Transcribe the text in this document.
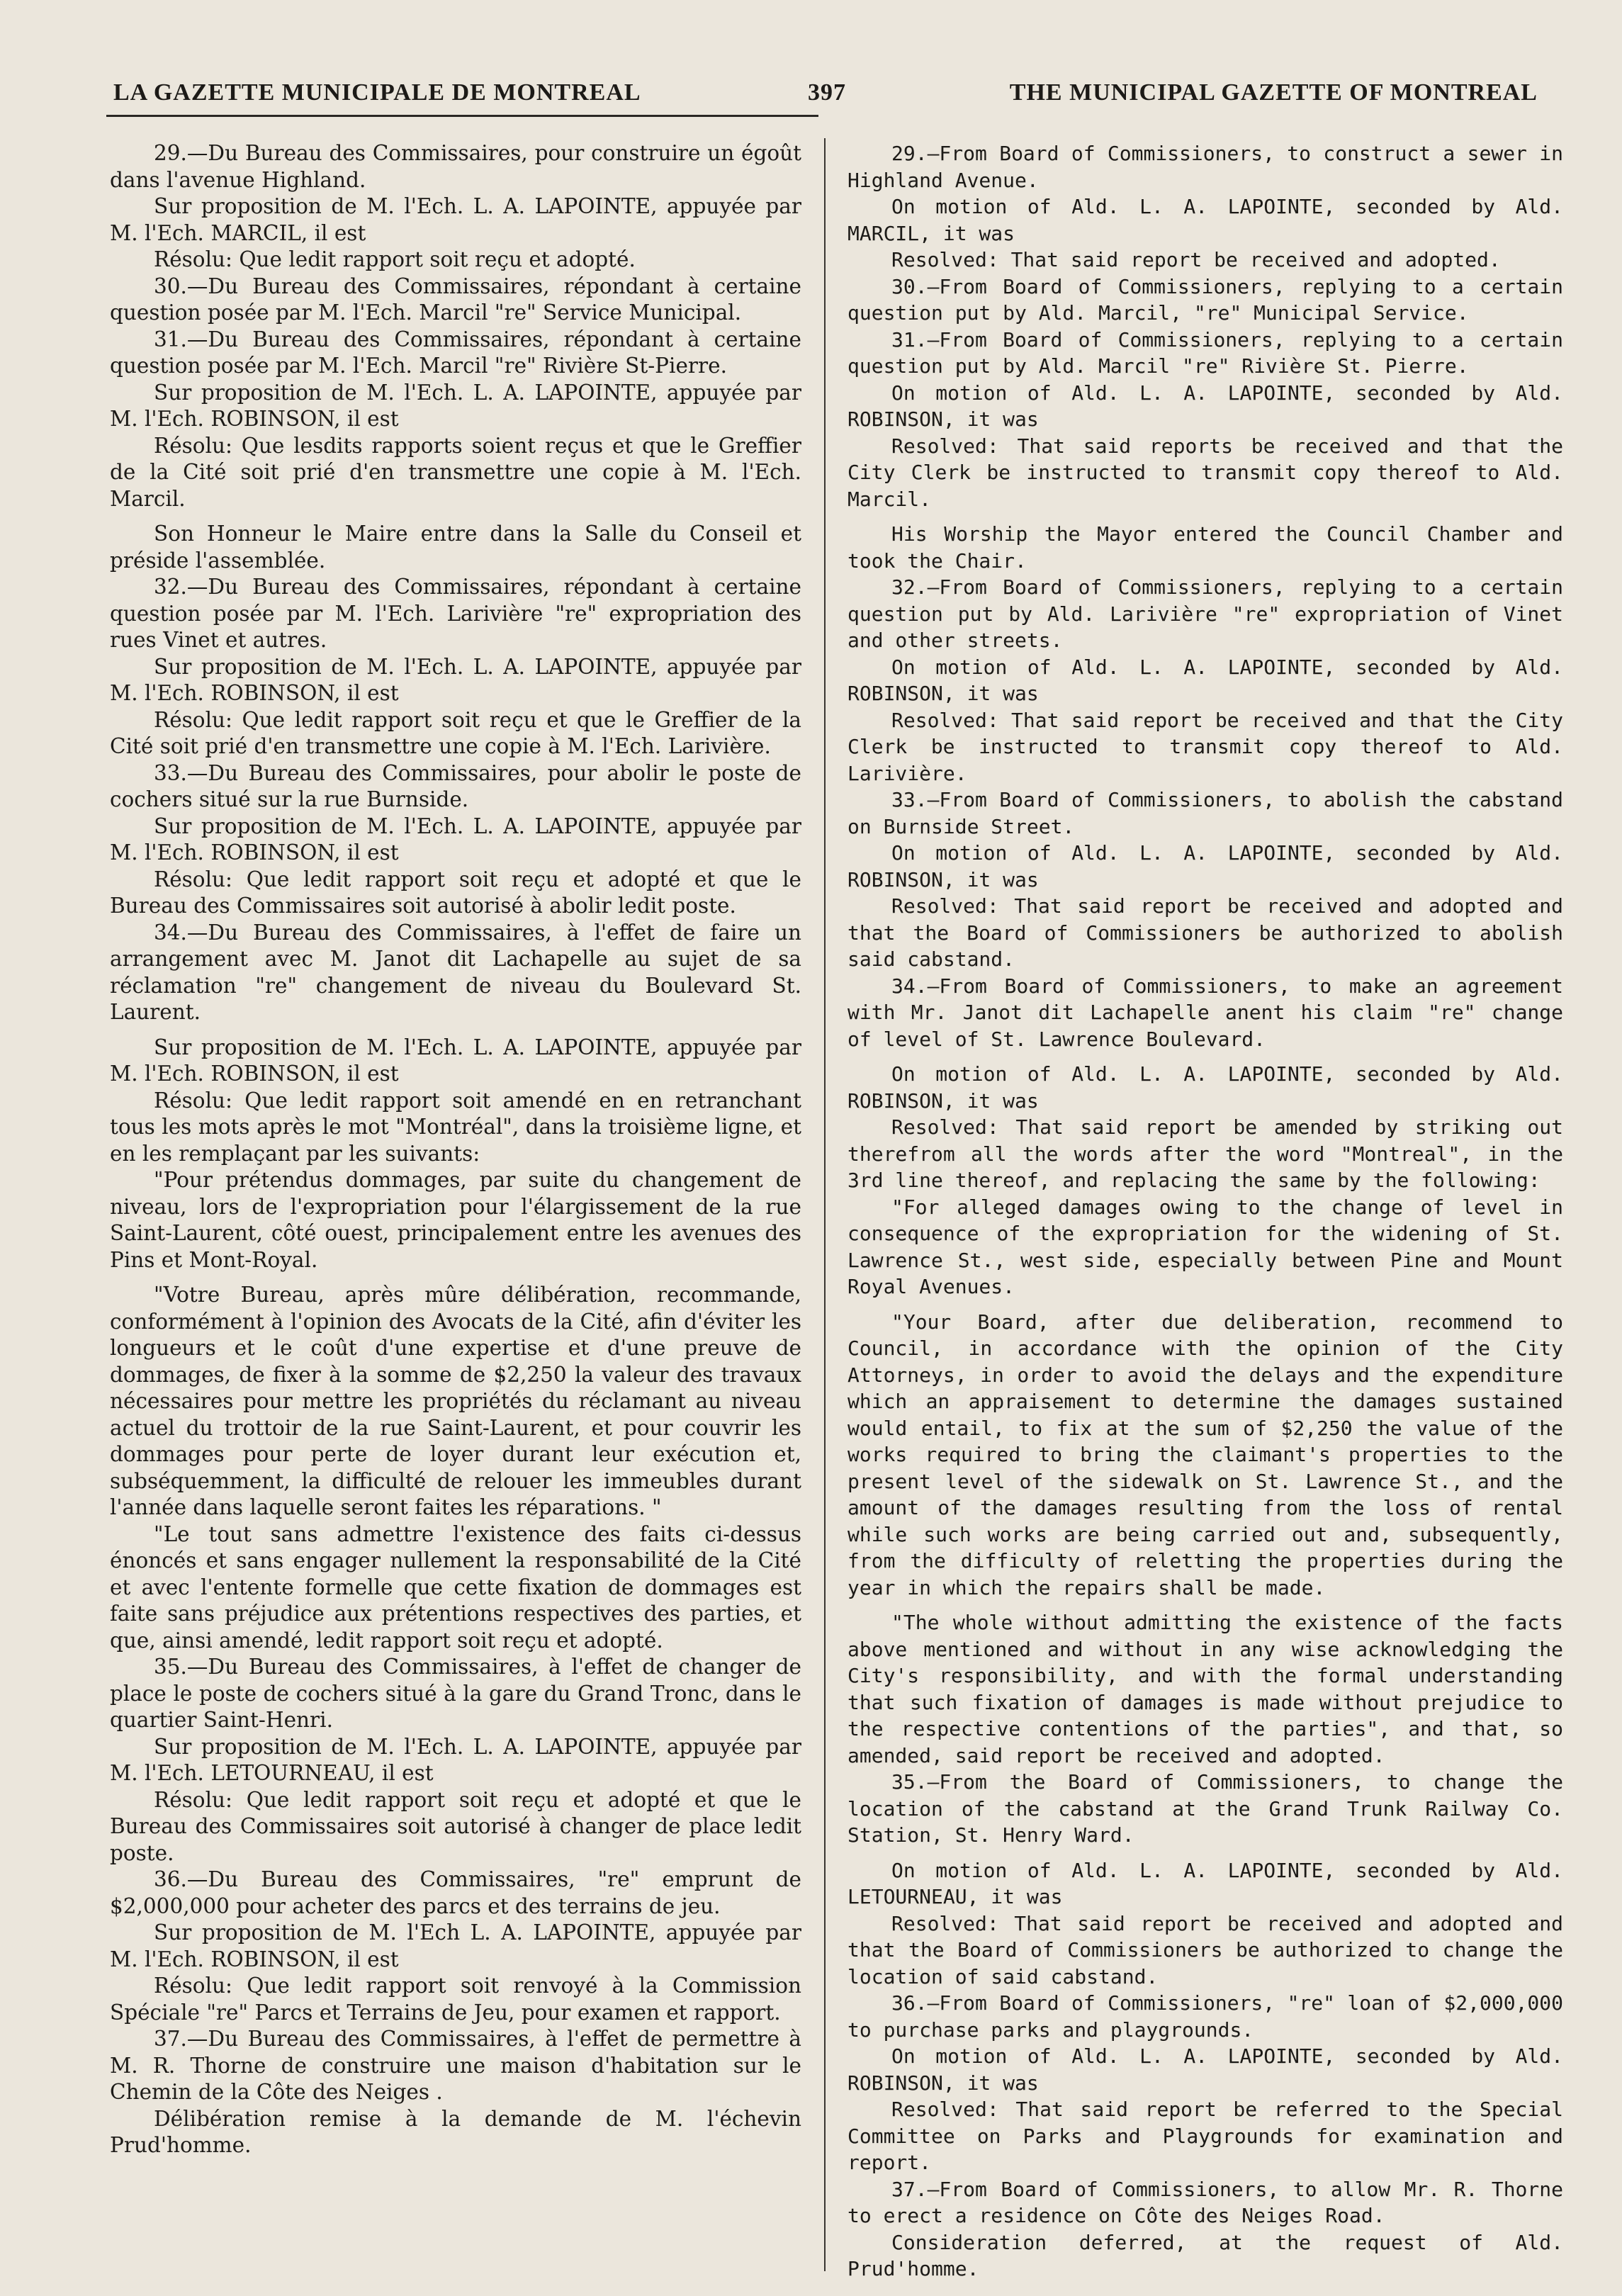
LA GAZETTE MUNICIPALE DE MONTREAL	397	THE MUNICIPAL GAZETTE OF MONTREAL

29.—Du Bureau des Commissaires, pour construire un égoût dans l'avenue Highland.

Sur proposition de M. l'Ech. L. A. LAPOINTE, appuyée par M. l'Ech. MARCIL, il est

Résolu: Que ledit rapport soit reçu et adopté.

30.—Du Bureau des Commissaires, répondant à certaine question posée par M. l'Ech. Marcil "re" Service Municipal.

31.—Du Bureau des Commissaires, répondant à certaine question posée par M. l'Ech. Marcil "re" Rivière St-Pierre.

Sur proposition de M. l'Ech. L. A. LAPOINTE, appuyée par M. l'Ech. ROBINSON, il est

Résolu: Que lesdits rapports soient reçus et que le Greffier de la Cité soit prié d'en transmettre une copie à M. l'Ech. Marcil.

Son Honneur le Maire entre dans la Salle du Conseil et préside l'assemblée.

32.—Du Bureau des Commissaires, répondant à certaine question posée par M. l'Ech. Larivière "re" expropriation des rues Vinet et autres.

Sur proposition de M. l'Ech. L. A. LAPOINTE, appuyée par M. l'Ech. ROBINSON, il est

Résolu: Que ledit rapport soit reçu et que le Greffier de la Cité soit prié d'en transmettre une copie à M. l'Ech. Larivière.

33.—Du Bureau des Commissaires, pour abolir le poste de cochers situé sur la rue Burnside.

Sur proposition de M. l'Ech. L. A. LAPOINTE, appuyée par M. l'Ech. ROBINSON, il est

Résolu: Que ledit rapport soit reçu et adopté et que le Bureau des Commissaires soit autorisé à abolir ledit poste.

34.—Du Bureau des Commissaires, à l'effet de faire un arrangement avec M. Janot dit Lachapelle au sujet de sa réclamation "re" changement de niveau du Boulevard St. Laurent.

Sur proposition de M. l'Ech. L. A. LAPOINTE, appuyée par M. l'Ech. ROBINSON, il est

Résolu: Que ledit rapport soit amendé en en retranchant tous les mots après le mot "Montréal", dans la troisième ligne, et en les remplaçant par les suivants:

"Pour prétendus dommages, par suite du changement de niveau, lors de l'expropriation pour l'élargissement de la rue Saint-Laurent, côté ouest, principalement entre les avenues des Pins et Mont-Royal.

"Votre Bureau, après mûre délibération, recommande, conformément à l'opinion des Avocats de la Cité, afin d'éviter les longueurs et le coût d'une expertise et d'une preuve de dommages, de fixer à la somme de $2,250 la valeur des travaux nécessaires pour mettre les propriétés du réclamant au niveau actuel du trottoir de la rue Saint-Laurent, et pour couvrir les dommages pour perte de loyer durant leur exécution et, subséquemment, la difficulté de relouer les immeubles durant l'année dans laquelle seront faites les réparations. "

"Le tout sans admettre l'existence des faits ci-dessus énoncés et sans engager nullement la responsabilité de la Cité et avec l'entente formelle que cette fixation de dommages est faite sans préjudice aux prétentions respectives des parties, et que, ainsi amendé, ledit rapport soit reçu et adopté.

35.—Du Bureau des Commissaires, à l'effet de changer de place le poste de cochers situé à la gare du Grand Tronc, dans le quartier Saint-Henri.

Sur proposition de M. l'Ech. L. A. LAPOINTE, appuyée par M. l'Ech. LETOURNEAU, il est

Résolu: Que ledit rapport soit reçu et adopté et que le Bureau des Commissaires soit autorisé à changer de place ledit poste.

36.—Du Bureau des Commissaires, "re" emprunt de $2,000,000 pour acheter des parcs et des terrains de jeu.

Sur proposition de M. l'Ech L. A. LAPOINTE, appuyée par M. l'Ech. ROBINSON, il est

Résolu: Que ledit rapport soit renvoyé à la Commission Spéciale "re" Parcs et Terrains de Jeu, pour examen et rapport.

37.—Du Bureau des Commissaires, à l'effet de permettre à M. R. Thorne de construire une maison d'habitation sur le Chemin de la Côte des Neiges .

Délibération remise à la demande de M. l'échevin Prud'homme.

29.—From Board of Commissioners, to construct a sewer in Highland Avenue.

On motion of Ald. L. A. LAPOINTE, seconded by Ald. MARCIL, it was

Resolved: That said report be received and adopted.

30.—From Board of Commissioners, replying to a certain question put by Ald. Marcil, "re" Municipal Service.

31.—From Board of Commissioners, replying to a certain question put by Ald. Marcil "re" Rivière St. Pierre.

On motion of Ald. L. A. LAPOINTE, seconded by Ald. ROBINSON, it was

Resolved: That said reports be received and that the City Clerk be instructed to transmit copy thereof to Ald. Marcil.

His Worship the Mayor entered the Council Chamber and took the Chair.

32.—From Board of Commissioners, replying to a certain question put by Ald. Larivière "re" expropriation of Vinet and other streets.

On motion of Ald. L. A. LAPOINTE, seconded by Ald. ROBINSON, it was

Resolved: That said report be received and that the City Clerk be instructed to transmit copy thereof to Ald. Larivière.

33.—From Board of Commissioners, to abolish the cabstand on Burnside Street.

On motion of Ald. L. A. LAPOINTE, seconded by Ald. ROBINSON, it was

Resolved: That said report be received and adopted and that the Board of Commissioners be authorized to abolish said cabstand.

34.—From Board of Commissioners, to make an agreement with Mr. Janot dit Lachapelle anent his claim "re" change of level of St. Lawrence Boulevard.

On motion of Ald. L. A. LAPOINTE, seconded by Ald. ROBINSON, it was

Resolved: That said report be amended by striking out therefrom all the words after the word "Montreal", in the 3rd line thereof, and replacing the same by the following:

"For alleged damages owing to the change of level in consequence of the expropriation for the widening of St. Lawrence St., west side, especially between Pine and Mount Royal Avenues.

"Your Board, after due deliberation, recommend to Council, in accordance with the opinion of the City Attorneys, in order to avoid the delays and the expenditure which an appraisement to determine the damages sustained would entail, to fix at the sum of $2,250 the value of the works required to bring the claimant's properties to the present level of the sidewalk on St. Lawrence St., and the amount of the damages resulting from the loss of rental while such works are being carried out and, subsequently, from the difficulty of reletting the properties during the year in which the repairs shall be made.

"The whole without admitting the existence of the facts above mentioned and without in any wise acknowledging the City's responsibility, and with the formal understanding that such fixation of damages is made without prejudice to the respective contentions of the parties", and that, so amended, said report be received and adopted.

35.—From the Board of Commissioners, to change the location of the cabstand at the Grand Trunk Railway Co. Station, St. Henry Ward.

On motion of Ald. L. A. LAPOINTE, seconded by Ald. LETOURNEAU, it was

Resolved: That said report be received and adopted and that the Board of Commissioners be authorized to change the location of said cabstand.

36.—From Board of Commissioners, "re" loan of $2,000,000 to purchase parks and playgrounds.

On motion of Ald. L. A. LAPOINTE, seconded by Ald. ROBINSON, it was

Resolved: That said report be referred to the Special Committee on Parks and Playgrounds for examination and report.

37.—From Board of Commissioners, to allow Mr. R. Thorne to erect a residence on Côte des Neiges Road.

Consideration deferred, at the request of Ald. Prud'homme.
